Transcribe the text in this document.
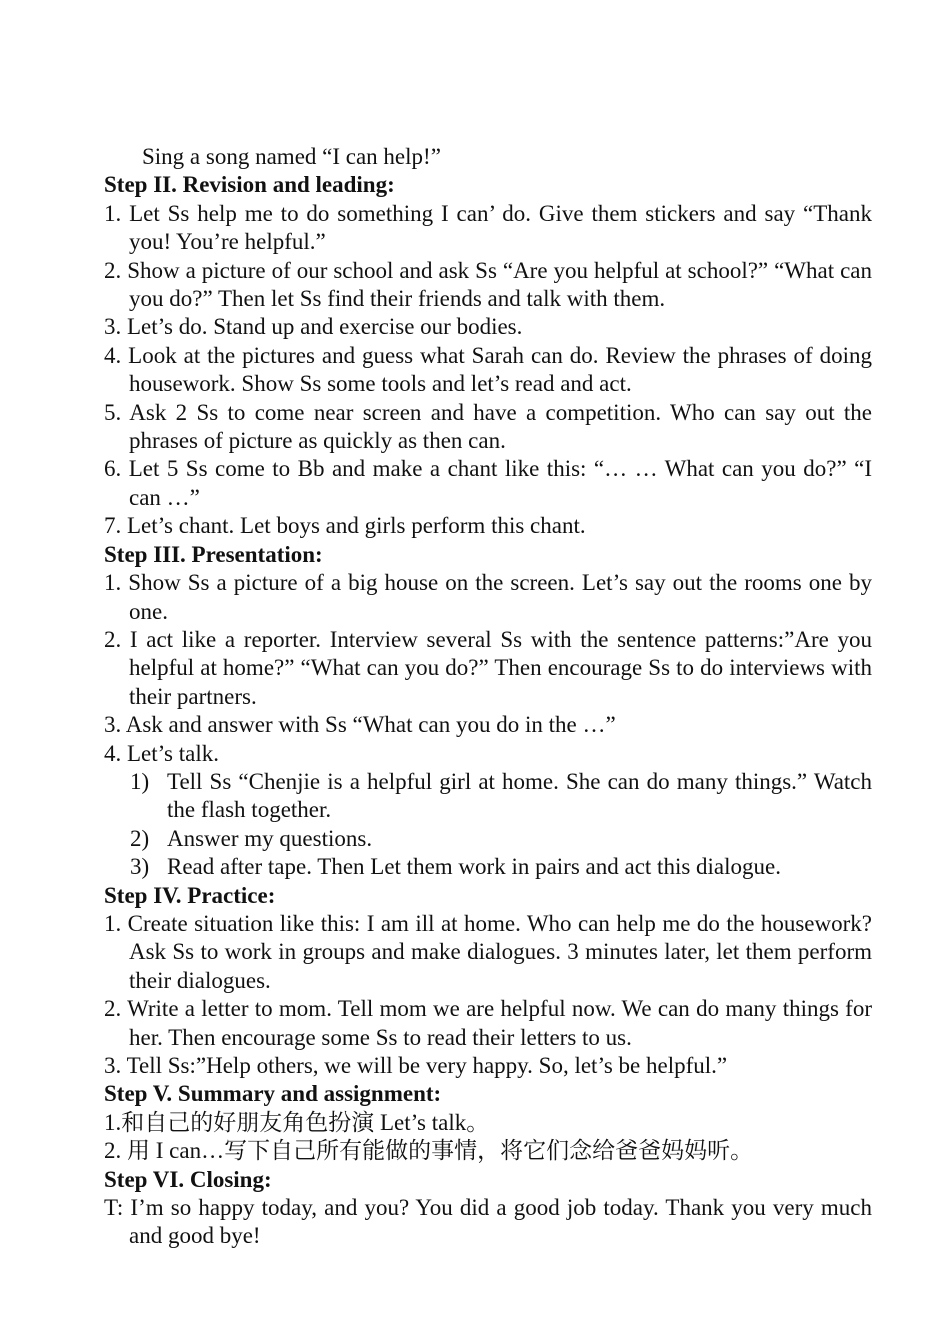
Sing a song named “I can help!”

Step II. Revision and leading:

1. Let Ss help me to do something I can’ do. Give them stickers and say “Thank you! You’re helpful.”

2. Show a picture of our school and ask Ss “Are you helpful at school?” “What can you do?” Then let Ss find their friends and talk with them.

3. Let’s do. Stand up and exercise our bodies.

4. Look at the pictures and guess what Sarah can do. Review the phrases of doing housework. Show Ss some tools and let’s read and act.

5. Ask 2 Ss to come near screen and have a competition. Who can say out the phrases of picture as quickly as then can.

6. Let 5 Ss come to Bb and make a chant like this: “… … What can you do?” “I can …”

7. Let’s chant. Let boys and girls perform this chant.

Step III. Presentation:

1. Show Ss a picture of a big house on the screen. Let’s say out the rooms one by one.

2. I act like a reporter. Interview several Ss with the sentence patterns:”Are you helpful at home?” “What can you do?” Then encourage Ss to do interviews with their partners.

3. Ask and answer with Ss “What can you do in the …”

4. Let’s talk.

1) Tell Ss “Chenjie is a helpful girl at home. She can do many things.” Watch the flash together.
2) Answer my questions.
3) Read after tape. Then Let them work in pairs and act this dialogue.

Step IV. Practice:

1. Create situation like this: I am ill at home. Who can help me do the housework? Ask Ss to work in groups and make dialogues. 3 minutes later, let them perform their dialogues.

2. Write a letter to mom. Tell mom we are helpful now. We can do many things for her. Then encourage some Ss to read their letters to us.

3. Tell Ss:”Help others, we will be very happy. So, let’s be helpful.”

Step V. Summary and assignment:

1.和自己的好朋友角色扮演 Let’s talk。

2. 用 I can…写下自己所有能做的事情，将它们念给爸爸妈妈听。

Step VI. Closing:

T: I’m so happy today, and you? You did a good job today. Thank you very much and good bye!
